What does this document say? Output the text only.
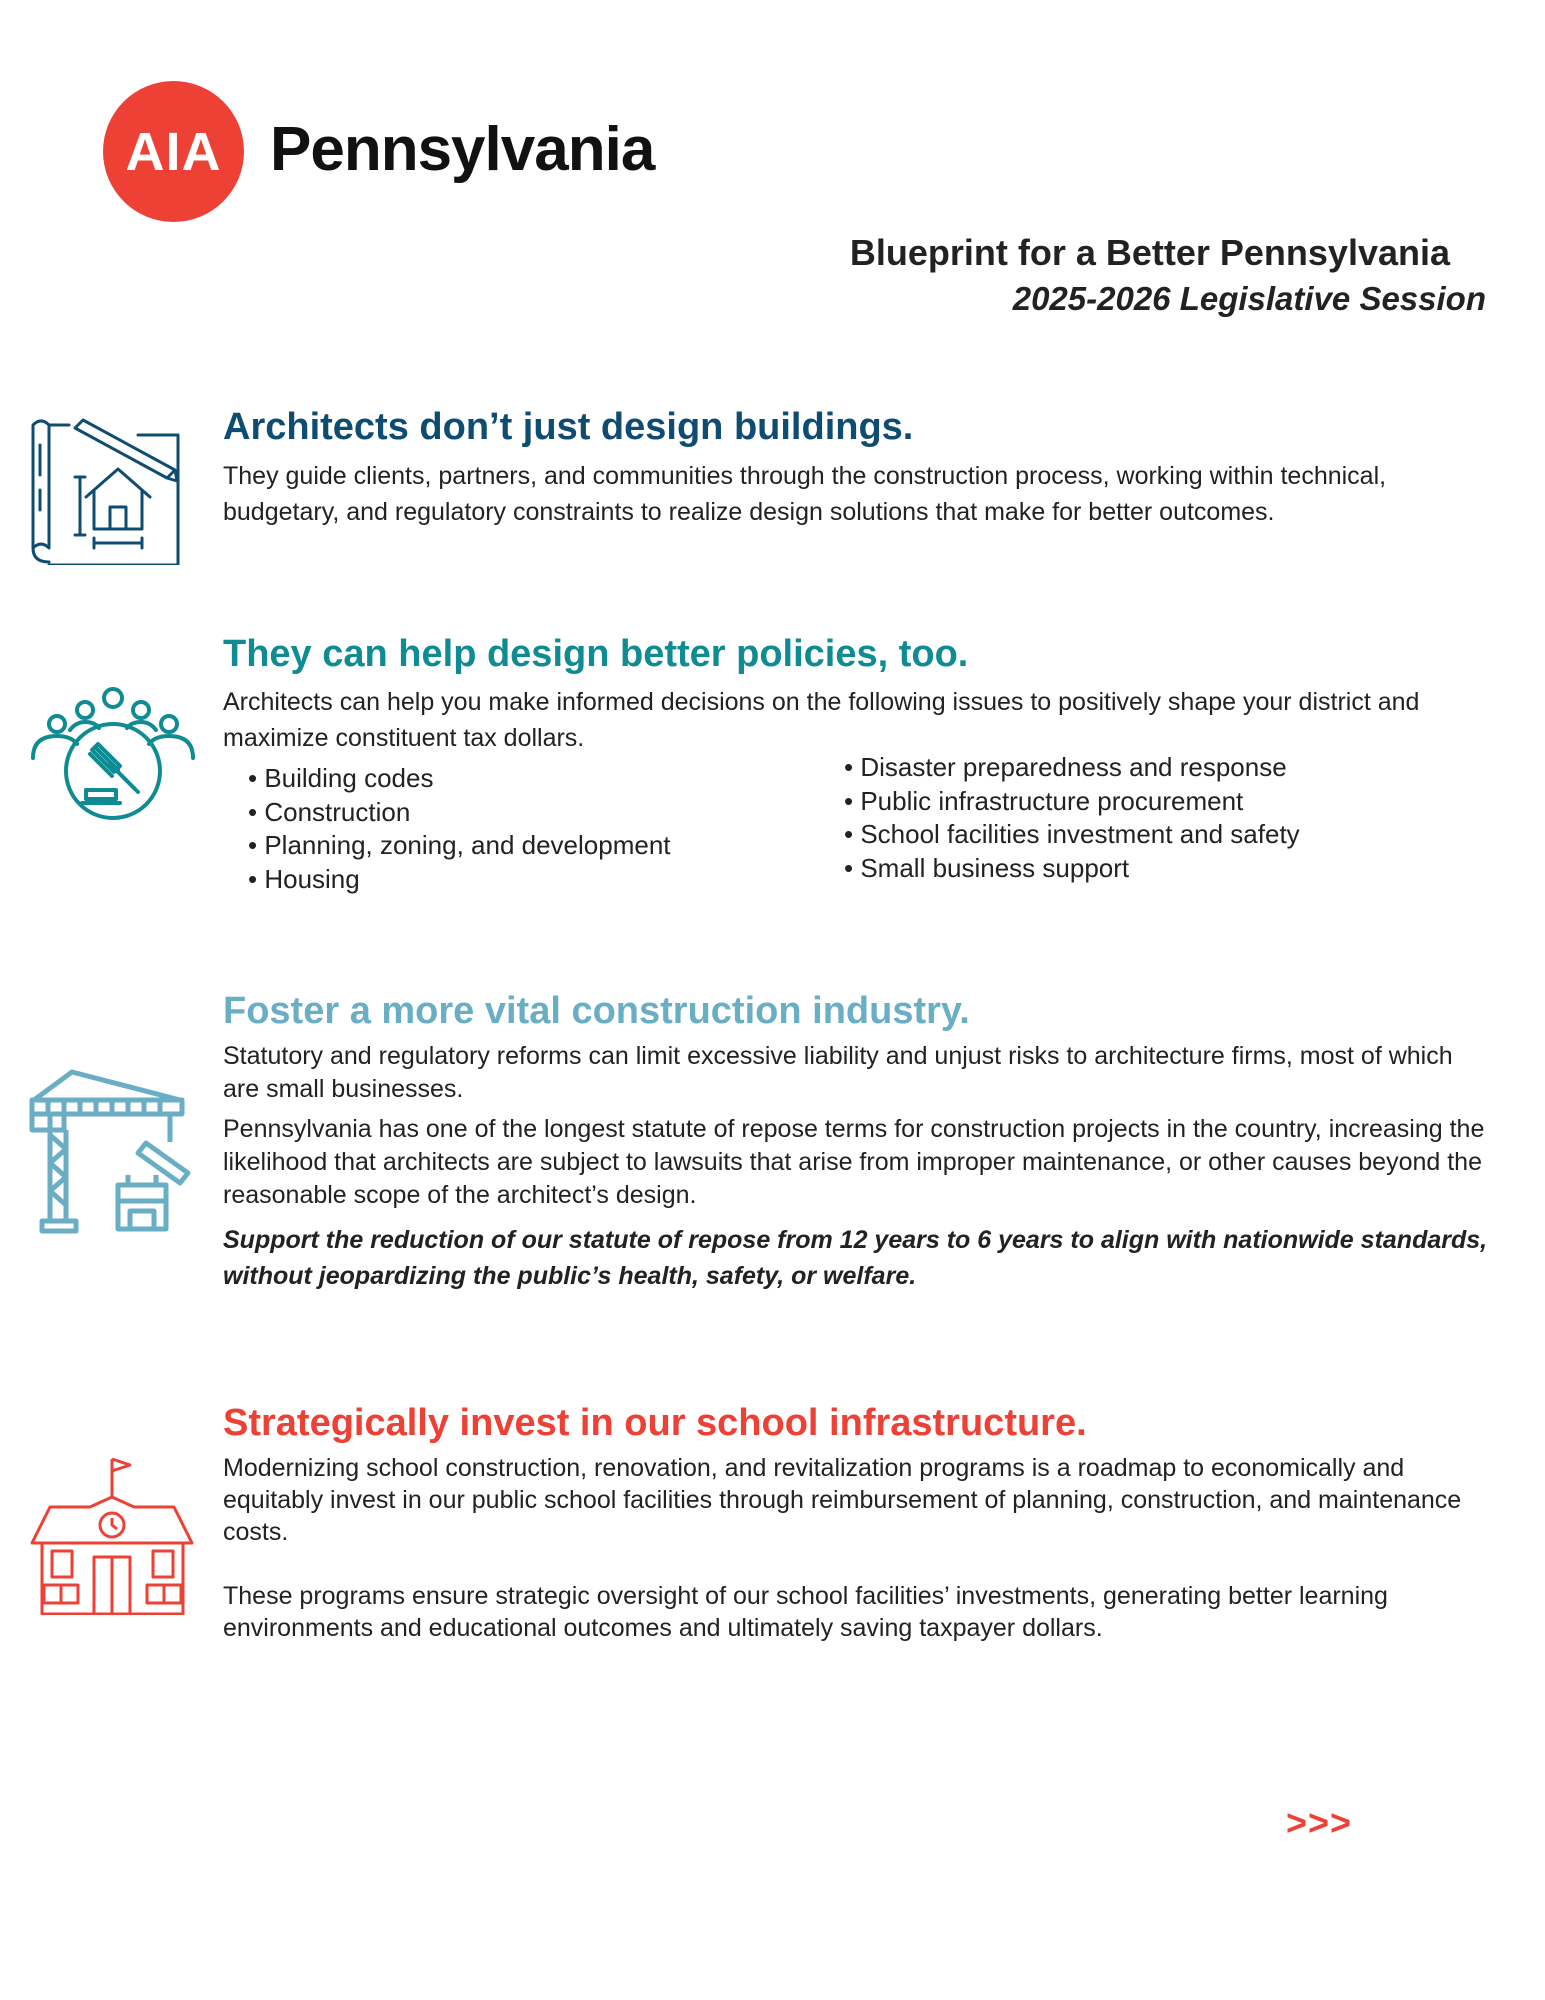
AIA Pennsylvania
Blueprint for a Better Pennsylvania
2025-2026 Legislative Session
Architects don’t just design buildings.
They guide clients, partners, and communities through the construction process, working within technical, budgetary, and regulatory constraints to realize design solutions that make for better outcomes.
They can help design better policies, too.
Architects can help you make informed decisions on the following issues to positively shape your district and maximize constituent tax dollars.
• Building codes
• Construction
• Planning, zoning, and development
• Housing
• Disaster preparedness and response
• Public infrastructure procurement
• School facilities investment and safety
• Small business support
Foster a more vital construction industry.
Statutory and regulatory reforms can limit excessive liability and unjust risks to architecture firms, most of which are small businesses.
Pennsylvania has one of the longest statute of repose terms for construction projects in the country, increasing the likelihood that architects are subject to lawsuits that arise from improper maintenance, or other causes beyond the reasonable scope of the architect’s design.
Support the reduction of our statute of repose from 12 years to 6 years to align with nationwide standards, without jeopardizing the public’s health, safety, or welfare.
Strategically invest in our school infrastructure.
Modernizing school construction, renovation, and revitalization programs is a roadmap to economically and equitably invest in our public school facilities through reimbursement of planning, construction, and maintenance costs.
These programs ensure strategic oversight of our school facilities’ investments, generating better learning environments and educational outcomes and ultimately saving taxpayer dollars.
>>>
